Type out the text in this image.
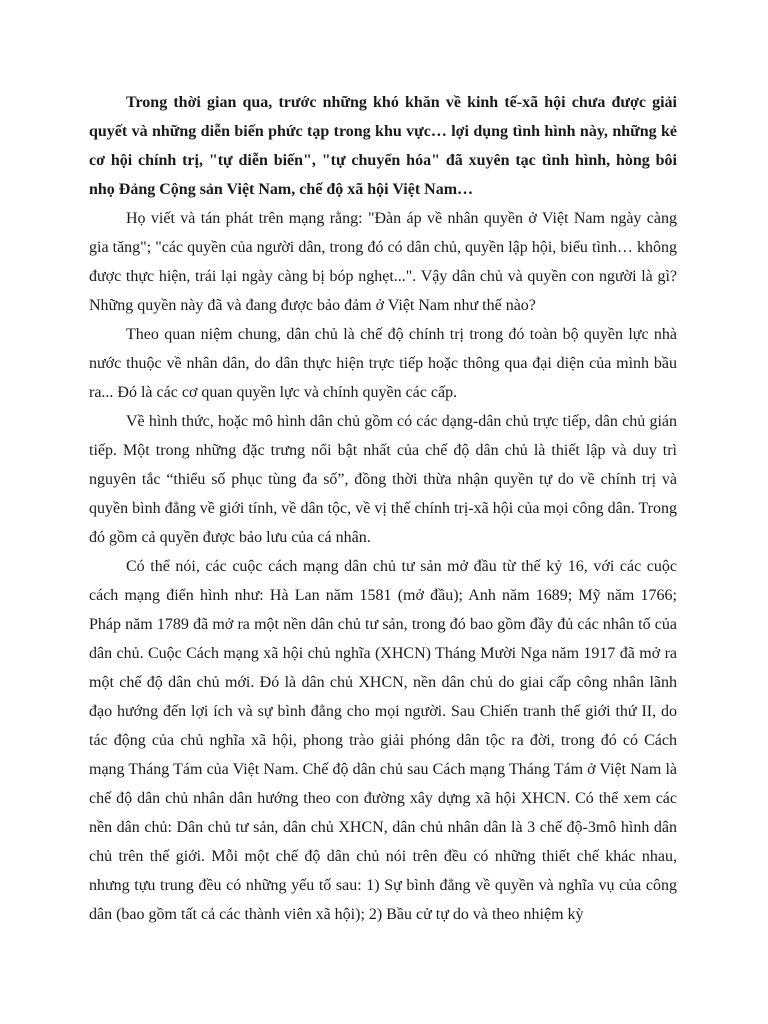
Trong thời gian qua, trước những khó khăn về kinh tế-xã hội chưa được giải quyết và những diễn biến phức tạp trong khu vực… lợi dụng tình hình này, những kẻ cơ hội chính trị, "tự diễn biến", "tự chuyển hóa" đã xuyên tạc tình hình, hòng bôi nhọ Đảng Cộng sản Việt Nam, chế độ xã hội Việt Nam…

Họ viết và tán phát trên mạng rằng: "Đàn áp về nhân quyền ở Việt Nam ngày càng gia tăng"; "các quyền của người dân, trong đó có dân chủ, quyền lập hội, biểu tình… không được thực hiện, trái lại ngày càng bị bóp nghẹt...". Vậy dân chủ và quyền con người là gì? Những quyền này đã và đang được bảo đảm ở Việt Nam như thế nào?

Theo quan niệm chung, dân chủ là chế độ chính trị trong đó toàn bộ quyền lực nhà nước thuộc về nhân dân, do dân thực hiện trực tiếp hoặc thông qua đại diện của mình bầu ra... Đó là các cơ quan quyền lực và chính quyền các cấp.

Về hình thức, hoặc mô hình dân chủ gồm có các dạng-dân chủ trực tiếp, dân chủ gián tiếp. Một trong những đặc trưng nổi bật nhất của chế độ dân chủ là thiết lập và duy trì nguyên tắc “thiểu số phục tùng đa số”, đồng thời thừa nhận quyền tự do về chính trị và quyền bình đẳng về giới tính, về dân tộc, về vị thế chính trị-xã hội của mọi công dân. Trong đó gồm cả quyền được bảo lưu của cá nhân.

Có thể nói, các cuộc cách mạng dân chủ tư sản mở đầu từ thế kỷ 16, với các cuộc cách mạng điển hình như: Hà Lan năm 1581 (mở đầu); Anh năm 1689; Mỹ năm 1766; Pháp năm 1789 đã mở ra một nền dân chủ tư sản, trong đó bao gồm đầy đủ các nhân tố của dân chủ. Cuộc Cách mạng xã hội chủ nghĩa (XHCN) Tháng Mười Nga năm 1917 đã mở ra một chế độ dân chủ mới. Đó là dân chủ XHCN, nền dân chủ do giai cấp công nhân lãnh đạo hướng đến lợi ích và sự bình đẳng cho mọi người. Sau Chiến tranh thế giới thứ II, do tác động của chủ nghĩa xã hội, phong trào giải phóng dân tộc ra đời, trong đó có Cách mạng Tháng Tám của Việt Nam. Chế độ dân chủ sau Cách mạng Tháng Tám ở Việt Nam là chế độ dân chủ nhân dân hướng theo con đường xây dựng xã hội XHCN. Có thể xem các nền dân chủ: Dân chủ tư sản, dân chủ XHCN, dân chủ nhân dân là 3 chế độ-3mô hình dân chủ trên thế giới. Mỗi một chế độ dân chủ nói trên đều có những thiết chế khác nhau, nhưng tựu trung đều có những yếu tố sau: 1) Sự bình đẳng về quyền và nghĩa vụ của công dân (bao gồm tất cả các thành viên xã hội); 2) Bầu cử tự do và theo nhiệm kỳ
